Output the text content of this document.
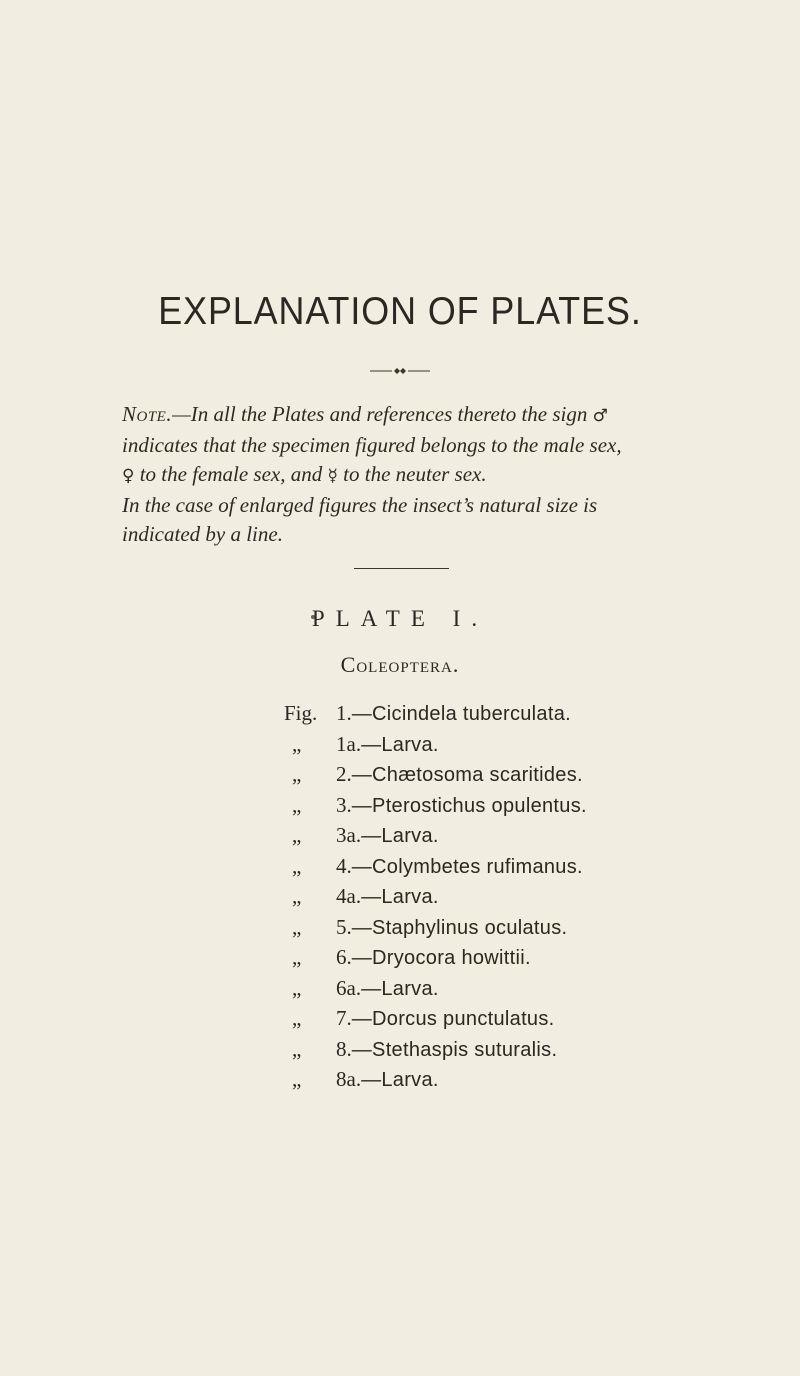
EXPLANATION OF PLATES.
Note.—In all the Plates and references thereto the sign ♂
indicates that the specimen figured belongs to the male sex,
♀ to the female sex, and ☿ to the neuter sex.
In the case of enlarged figures the insect’s natural size is
indicated by a line.
PLATE I.
Coleoptera.
Fig. 1.—Cicindela tuberculata.
„	1a.—Larva.
„	2.—Chætosoma scaritides.
„	3.—Pterostichus opulentus.
„	3a.—Larva.
„	4.—Colymbetes rufimanus.
„	4a.—Larva.
„	5.—Staphylinus oculatus.
„	6.—Dryocora howittii.
„	6a.—Larva.
„	7.—Dorcus punctulatus.
„	8.—Stethaspis suturalis.
„	8a.—Larva.
